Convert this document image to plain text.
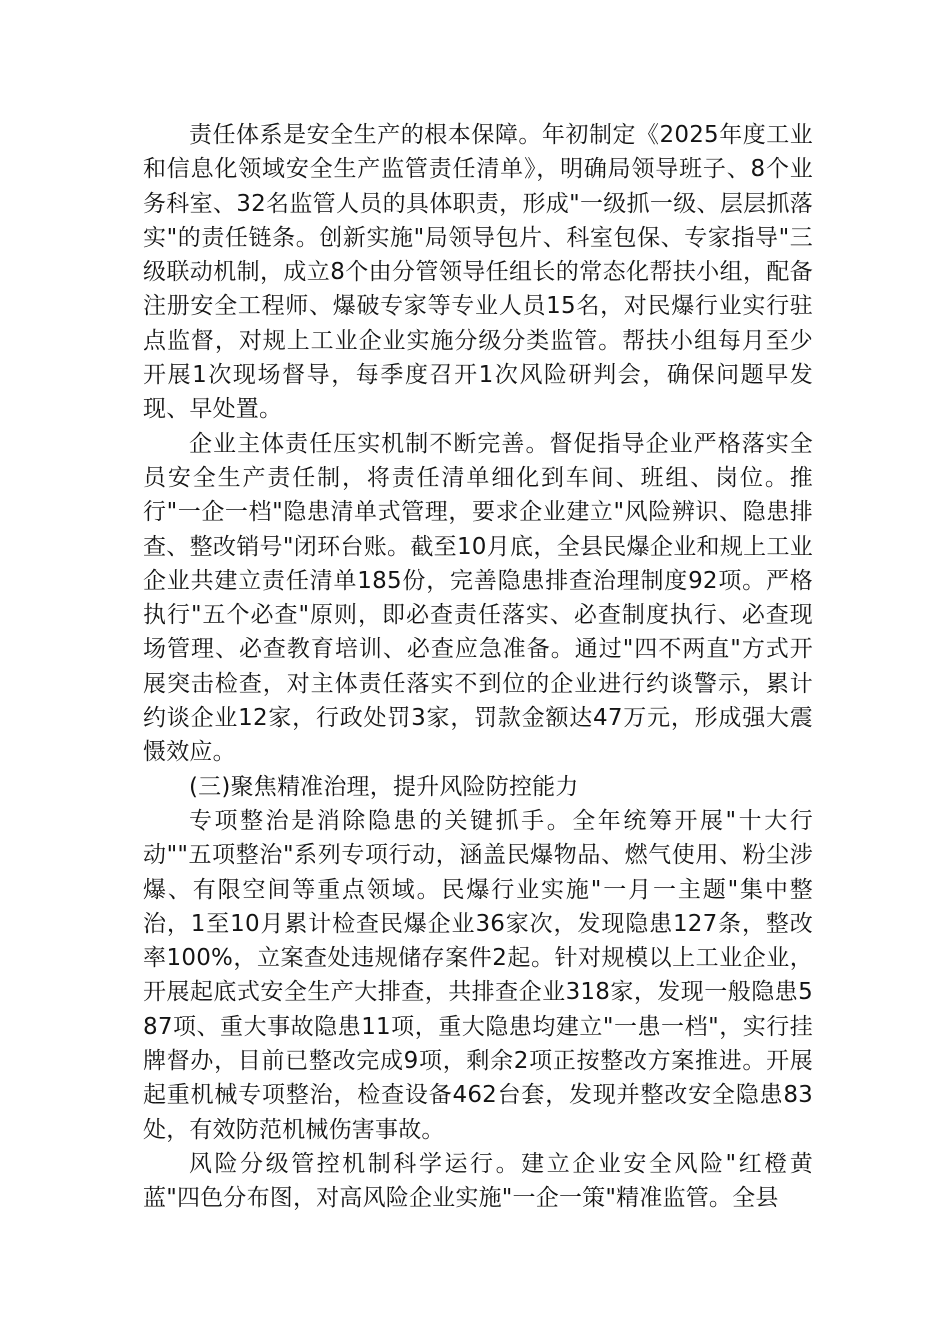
责任体系是安全生产的根本保障。年初制定《2025年度工业和信息化领域安全生产监管责任清单》，明确局领导班子、8个业务科室、32名监管人员的具体职责，形成"一级抓一级、层层抓落实"的责任链条。创新实施"局领导包片、科室包保、专家指导"三级联动机制，成立8个由分管领导任组长的常态化帮扶小组，配备注册安全工程师、爆破专家等专业人员15名，对民爆行业实行驻点监督，对规上工业企业实施分级分类监管。帮扶小组每月至少开展1次现场督导，每季度召开1次风险研判会，确保问题早发现、早处置。

企业主体责任压实机制不断完善。督促指导企业严格落实全员安全生产责任制，将责任清单细化到车间、班组、岗位。推行"一企一档"隐患清单式管理，要求企业建立"风险辨识、隐患排查、整改销号"闭环台账。截至10月底，全县民爆企业和规上工业企业共建立责任清单185份，完善隐患排查治理制度92项。严格执行"五个必查"原则，即必查责任落实、必查制度执行、必查现场管理、必查教育培训、必查应急准备。通过"四不两直"方式开展突击检查，对主体责任落实不到位的企业进行约谈警示，累计约谈企业12家，行政处罚3家，罚款金额达47万元，形成强大震慑效应。

(三)聚焦精准治理，提升风险防控能力

专项整治是消除隐患的关键抓手。全年统筹开展"十大行动""五项整治"系列专项行动，涵盖民爆物品、燃气使用、粉尘涉爆、有限空间等重点领域。民爆行业实施"一月一主题"集中整治，1至10月累计检查民爆企业36家次，发现隐患127条，整改率100%，立案查处违规储存案件2起。针对规模以上工业企业，开展起底式安全生产大排查，共排查企业318家，发现一般隐患587项、重大事故隐患11项，重大隐患均建立"一患一档"，实行挂牌督办，目前已整改完成9项，剩余2项正按整改方案推进。开展起重机械专项整治，检查设备462台套，发现并整改安全隐患83处，有效防范机械伤害事故。

风险分级管控机制科学运行。建立企业安全风险"红橙黄蓝"四色分布图，对高风险企业实施"一企一策"精准监管。全县
